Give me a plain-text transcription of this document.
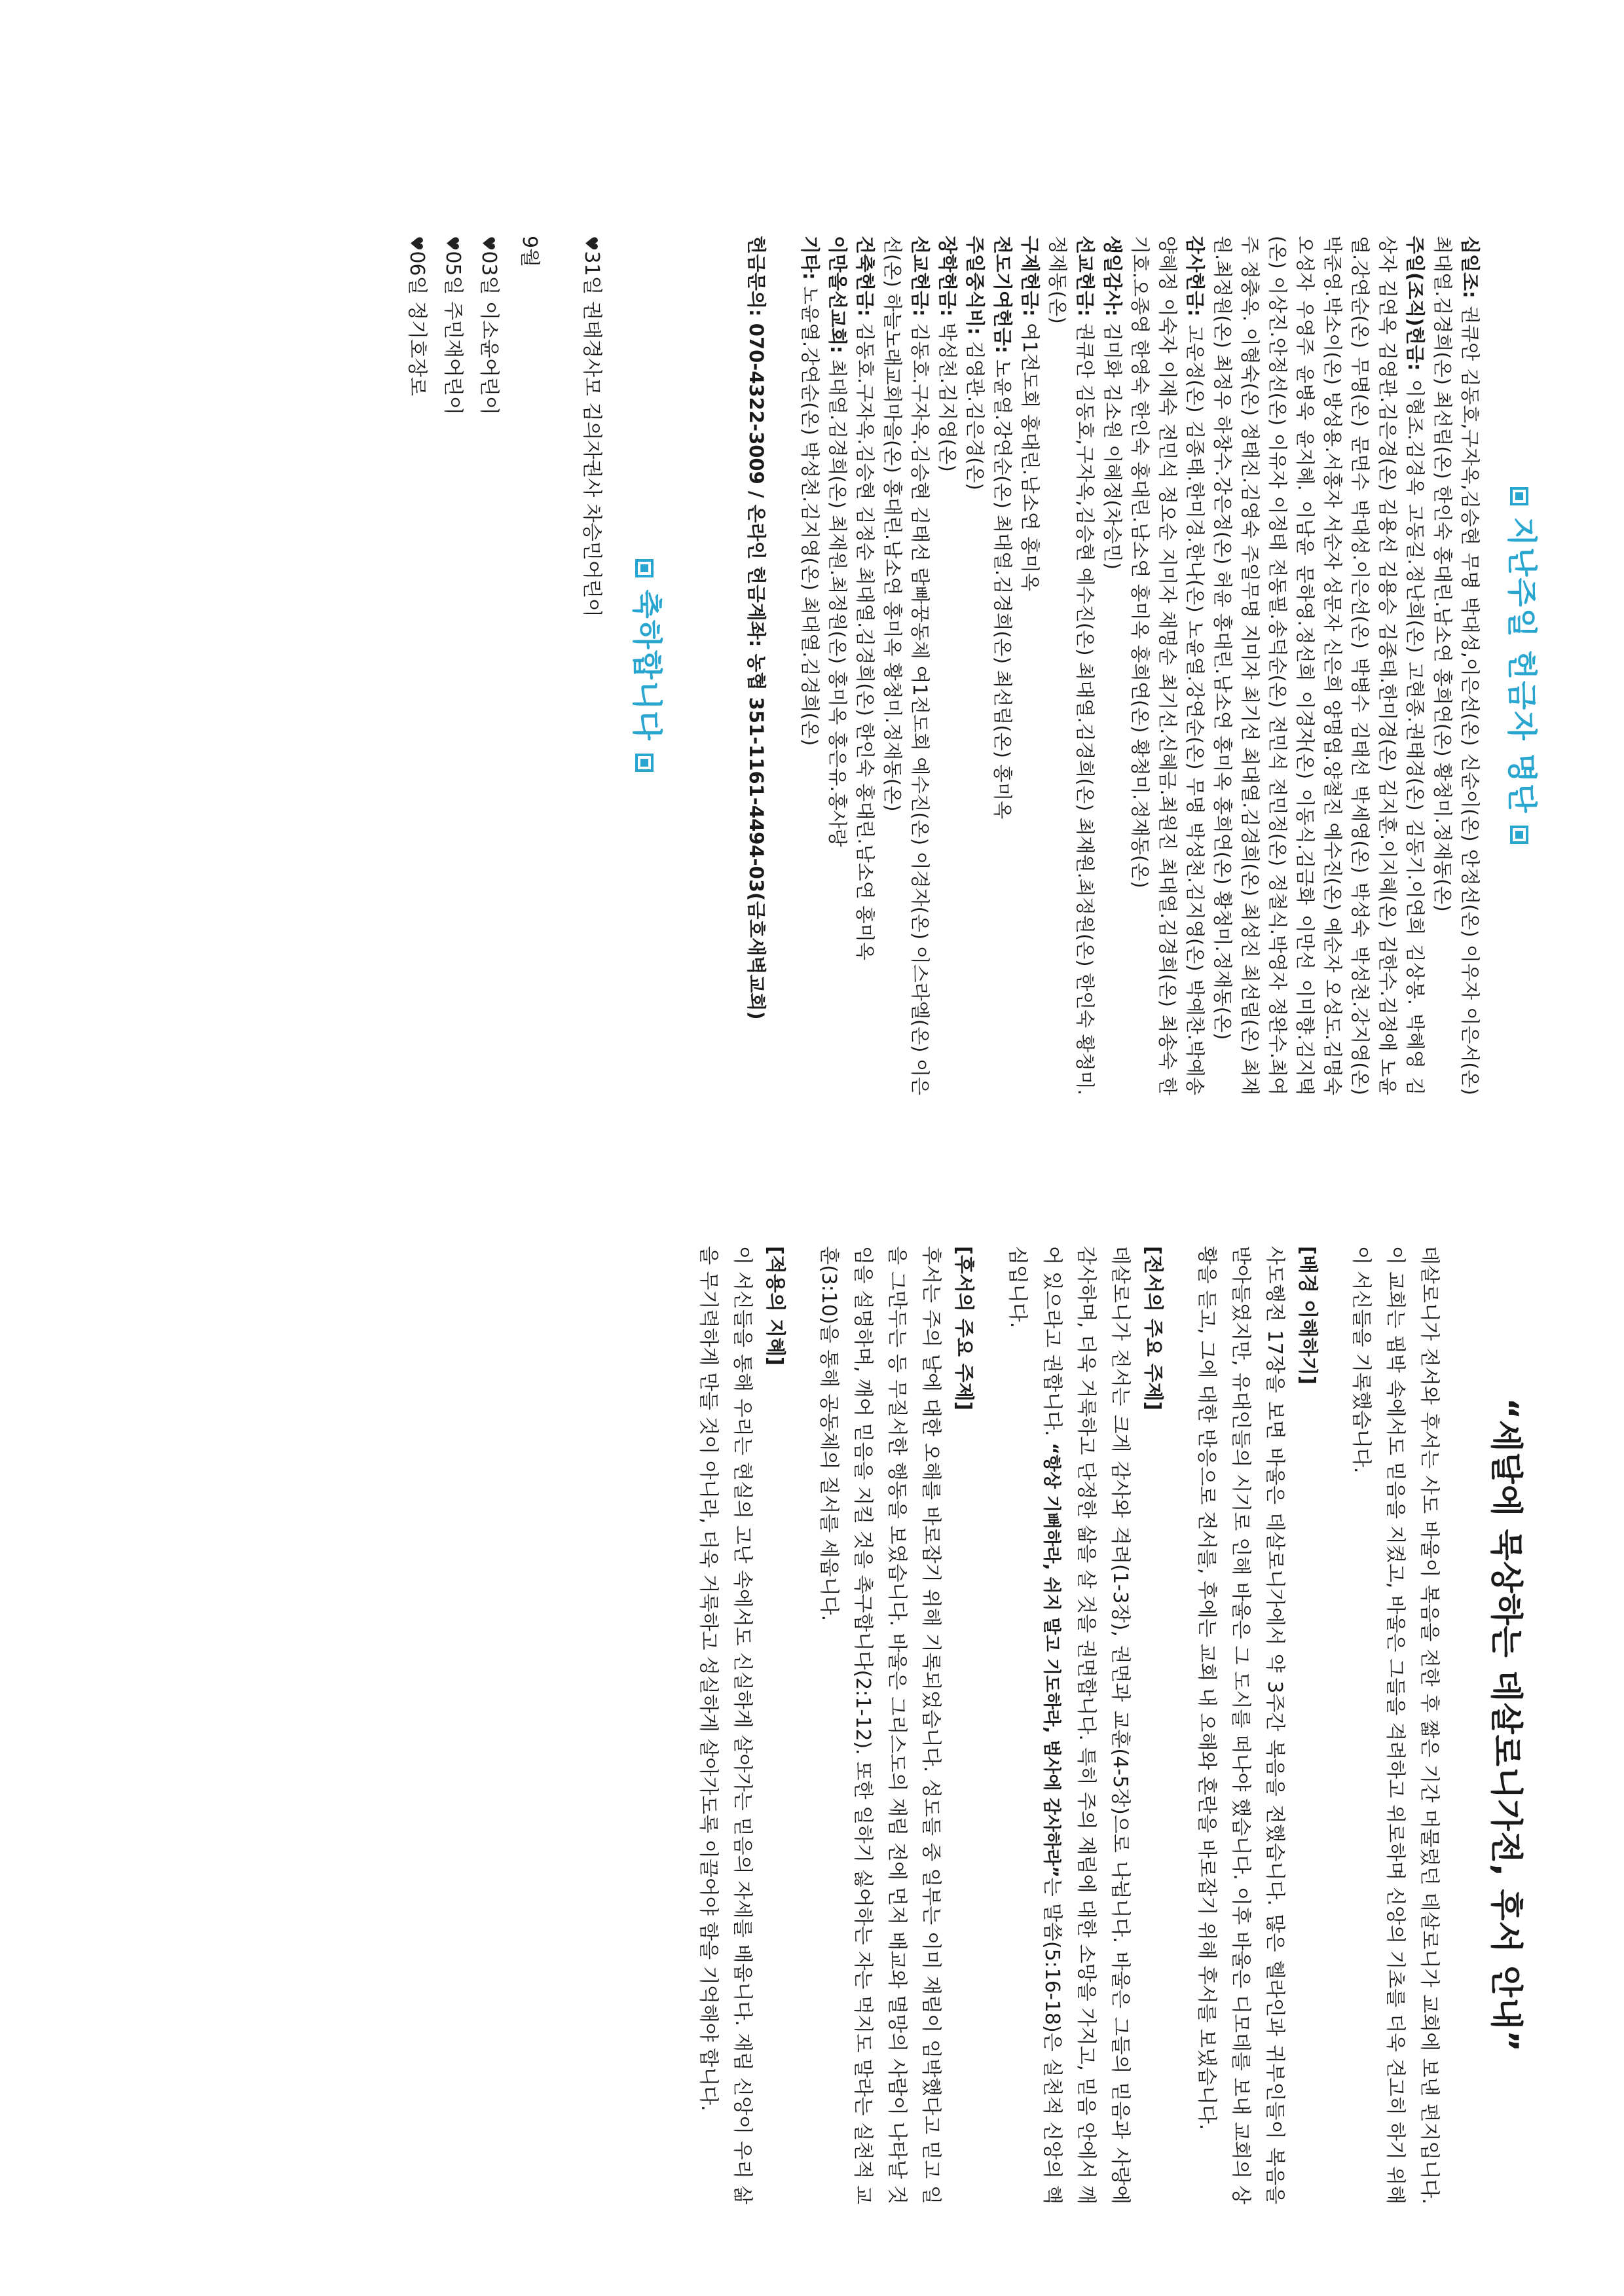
지난주일 헌금자 명단

십일조: 권큐안 김동호,구자옥,김승현 무명 박대성,이은선(온) 신순이(온) 안정선(온) 이우자 이은서(온) 최대열.김경희(온) 최선림(온) 한인숙 홍대린.남소연 홍희연(온) 황청미.정재동(온)

주일(조직)헌금: 이형조.김경옥 고동길.정난희(온) 고현종.권태경(온) 김동기.이연희 김상봉. 박혜영 김상자 김연옥 김영관.김은경(온) 김용선 김용승 김종태.한미경(온) 김지훈.이지혜(온) 김한수.김정애 노윤열.강연순(온) 무명(온) 문면수 박대성.이은선(온) 박병수 김태선 박세영(온) 박성숙 박성천.강지영(온) 박준영.박소이(온) 방성용.서홍자 서순자 성문자 신은희 양명엽.양철진 예수진(온) 예순자 오성도.김명숙 오성자 우영주 윤병욱 윤지혜. 이남윤 문하영.정선희 이경자(온) 이동식.김금화 이만선 이미향.김지택(온) 이상진.안정선(온) 이유자 이정태 전동필.송덕순(온) 전민석 전민정(온) 정철식.박영자 정완수.최여주 정충옥. 이형숙(온) 정태진.김영숙 주일무명 지미자 최기선 최대열.김경희(온) 최성진 최선림(온) 최재원.최정원(온) 최정우 하창수.강은정(온) 허윤 홍대린.남소연 홍미옥 홍희연(온) 황청미.정재동(온)

감사헌금: 고운정(온) 김종태.한미경.한나(온) 노윤열.강연순(온) 무명 박성천.김지영(온) 박예찬.박예송 양혜정 이숙자 이재숙 전민석 정오순 지미자 채명순 최기선.신혜금.최원진 최대열.김경희(온) 최송숙 한기호.오종영 한영숙 한인숙 홍대린.남소연 홍미옥 홍희연(온) 황청미.정재동(온)

생일감사: 김미화 김소원 이혜정(차승민)

선교헌금: 권큐안 김동호,구자옥,김승현 예수진(온) 최대열.김경희(온) 최재원.최정원(온) 한인숙 황청미.정재동(온)

구제헌금: 여1전도회 홍대린.남소연 홍미옥

전도기여헌금: 노윤열.강연순(온) 최대열.김경희(온) 최선림(온) 홍미옥

주일중식비: 김영관.김은경(온)

장학헌금: 박성천.김지영(온)

선교헌금: 김동호.구자옥.김승현 김태선 람빠꿍동체 여1전도회 예수진(온) 이경자(온) 이스라엘(온) 이은선(온) 하늘노래교회마을(온) 홍대린.남소연 홍미옥 황청미.정재동(온)

건축헌금: 김동호.구자옥.김승현 김정순 최대열.김경희(온) 한인숙 홍대린.남소연 홍미옥

이만올선교회: 최대열.김경희(온) 최재원.최정원(온) 홍미옥 홍은유.홍사랑

기타: 노윤열.강연순(온) 박성천.김지영(온) 최대열.김경희(온)

헌금문의: 070-4322-3009 / 온라인 헌금계좌: 농협 351-1161-4494-03(금호새벽교회)
축하합니다
♥31일 권태경사모 김의자권사 차승민어린이
9월
♥03일 이소윤어린이
♥05일 주민재어린이
♥06일 정기호장로
“세달에 묵상하는 데살로니가전, 후서 안내”

데살로니가 전서와 후서는 사도 바울이 복음을 전한 후 짧은 기간 머물렀던 데살로니가 교회에 보낸 편지입니다. 이 교회는 핍박 속에서도 믿음을 지켰고, 바울은 그들을 격려하고 위로하며 신앙의 기초를 더욱 견고히 하기 위해 이 서신들을 기록했습니다.

[배경 이해하기]

사도행전 17장을 보면 바울은 데살로니가에서 약 3주간 복음을 전했습니다. 많은 헬라인과 귀부인들이 복음을 받아들였지만, 유대인들의 시기로 인해 바울은 그 도시를 떠나야 했습니다. 이후 바울은 디모데를 보내 교회의 상황을 듣고, 그에 대한 반응으로 전서를, 후에는 교회 내 오해와 혼란을 바로잡기 위해 후서를 보냈습니다.

[전서의 주요 주제]

데살로니가 전서는 크게 감사와 격려(1-3장), 권면과 교훈(4-5장)으로 나뉩니다. 바울은 그들의 믿음과 사랑에 감사하며, 더욱 거룩하고 단정한 삶을 살 것을 권면합니다. 특히 주의 재림에 대한 소망을 가지고, 믿음 안에서 깨어 있으라고 권합니다. “항상 기뻐하라, 쉬지 말고 기도하라, 범사에 감사하라”는 말씀(5:16-18)은 실천적 신앙의 핵심입니다.

[후서의 주요 주제]

후서는 주의 날에 대한 오해를 바로잡기 위해 기록되었습니다. 성도들 중 일부는 이미 재림이 임박했다고 믿고 일을 그만두는 등 무질서한 행동을 보였습니다. 바울은 그리스도의 재림 전에 먼저 배교와 멸망의 사람이 나타날 것임을 설명하며, 깨어 믿음을 지킬 것을 촉구합니다(2:1-12). 또한 일하기 싫어하는 자는 먹지도 말라는 실천적 교훈(3:10)을 통해 공동체의 질서를 세웁니다.

[적용의 지혜]

이 서신들을 통해 우리는 현실의 고난 속에서도 신실하게 살아가는 믿음의 자세를 배웁니다. 재림 신앙이 우리 삶을 무기력하게 만들 것이 아니라, 더욱 거룩하고 성실하게 살아가도록 이끌어야 함을 기억해야 합니다.
